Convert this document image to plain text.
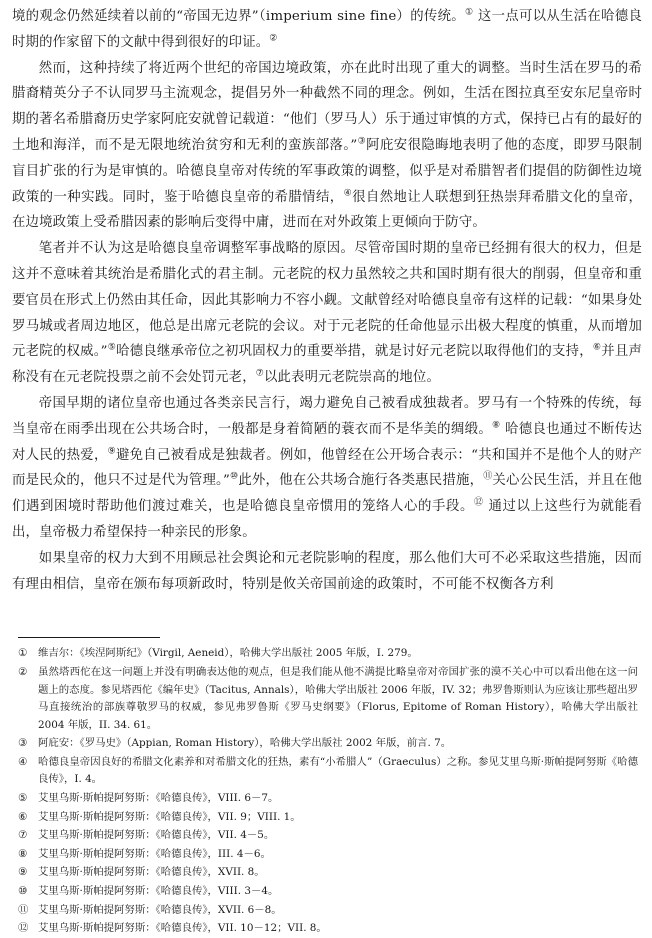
境的观念仍然延续着以前的“帝国无边界”（imperium sine fine）的传统。① 这一点可以从生活在哈德良时期的作家留下的文献中得到很好的印证。②

然而，这种持续了将近两个世纪的帝国边境政策，亦在此时出现了重大的调整。当时生活在罗马的希腊裔精英分子不认同罗马主流观念，提倡另外一种截然不同的理念。例如，生活在图拉真至安东尼皇帝时期的著名希腊裔历史学家阿庇安就曾记载道：“他们（罗马人）乐于通过审慎的方式，保持已占有的最好的土地和海洋，而不是无限地统治贫穷和无利的蛮族部落。”③阿庇安很隐晦地表明了他的态度，即罗马限制盲目扩张的行为是审慎的。哈德良皇帝对传统的军事政策的调整，似乎是对希腊智者们提倡的防御性边境政策的一种实践。同时，鉴于哈德良皇帝的希腊情结，④很自然地让人联想到狂热崇拜希腊文化的皇帝，在边境政策上受希腊因素的影响后变得中庸，进而在对外政策上更倾向于防守。

笔者并不认为这是哈德良皇帝调整军事战略的原因。尽管帝国时期的皇帝已经拥有很大的权力，但是这并不意味着其统治是希腊化式的君主制。元老院的权力虽然较之共和国时期有很大的削弱，但皇帝和重要官员在形式上仍然由其任命，因此其影响力不容小觑。文献曾经对哈德良皇帝有这样的记载：“如果身处罗马城或者周边地区，他总是出席元老院的会议。对于元老院的任命他显示出极大程度的慎重，从而增加元老院的权威。”⑤哈德良继承帝位之初巩固权力的重要举措，就是讨好元老院以取得他们的支持，⑥并且声称没有在元老院投票之前不会处罚元老，⑦以此表明元老院崇高的地位。

帝国早期的诸位皇帝也通过各类亲民言行，竭力避免自己被看成独裁者。罗马有一个特殊的传统，每当皇帝在雨季出现在公共场合时，一般都是身着简陋的蓑衣而不是华美的绸缎。⑧ 哈德良也通过不断传达对人民的热爱，⑨避免自己被看成是独裁者。例如，他曾经在公开场合表示：“共和国并不是他个人的财产而是民众的，他只不过是代为管理。”⑩此外，他在公共场合施行各类惠民措施，⑪关心公民生活，并且在他们遇到困境时帮助他们渡过难关，也是哈德良皇帝惯用的笼络人心的手段。⑫ 通过以上这些行为就能看出，皇帝极力希望保持一种亲民的形象。

如果皇帝的权力大到不用顾忌社会舆论和元老院影响的程度，那么他们大可不必采取这些措施，因而有理由相信，皇帝在颁布每项新政时，特别是攸关帝国前途的政策时，不可能不权衡各方利

①	维吉尔：《埃涅阿斯纪》（Virgil, Aeneid），哈佛大学出版社 2005 年版，I. 279。
②	虽然塔西佗在这一问题上并没有明确表达他的观点，但是我们能从他不满提比略皇帝对帝国扩张的漠不关心中可以看出他在这一问题上的态度。参见塔西佗《编年史》（Tacitus, Annals），哈佛大学出版社 2006 年版，IV. 32；弗罗鲁斯则认为应该让那些超出罗马直接统治的部族尊敬罗马的权威，参见弗罗鲁斯《罗马史纲要》（Florus, Epitome of Roman History），哈佛大学出版社 2004 年版，II. 34. 61。
③	阿庇安：《罗马史》（Appian, Roman History），哈佛大学出版社 2002 年版，前言. 7。
④	哈德良皇帝因良好的希腊文化素养和对希腊文化的狂热，素有“小希腊人”（Graeculus）之称。参见艾里乌斯·斯帕提阿努斯《哈德良传》，I. 4。
⑤	艾里乌斯·斯帕提阿努斯：《哈德良传》，VIII. 6－7。
⑥	艾里乌斯·斯帕提阿努斯：《哈德良传》，VII. 9；VIII. 1。
⑦	艾里乌斯·斯帕提阿努斯：《哈德良传》，VII. 4－5。
⑧	艾里乌斯·斯帕提阿努斯：《哈德良传》，III. 4－6。
⑨	艾里乌斯·斯帕提阿努斯：《哈德良传》，XVII. 8。
⑩	艾里乌斯·斯帕提阿努斯：《哈德良传》，VIII. 3－4。
⑪ 艾里乌斯·斯帕提阿努斯：《哈德良传》，XVII. 6－8。
⑫ 艾里乌斯·斯帕提阿努斯：《哈德良传》，VII. 10－12；VII. 8。
